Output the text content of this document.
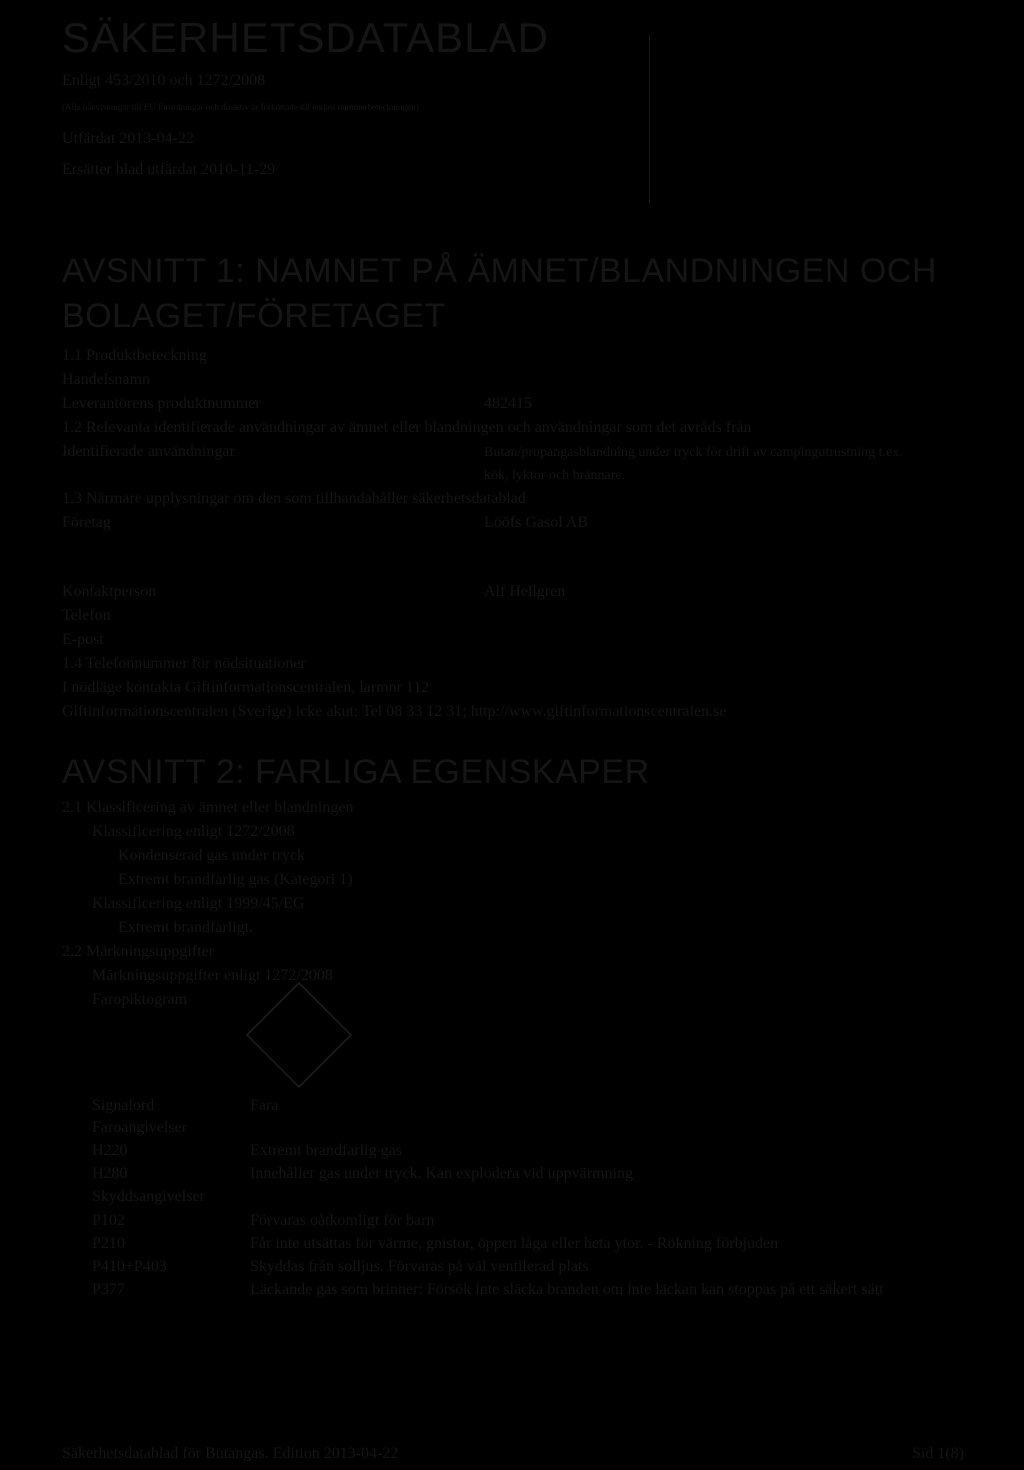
SÄKERHETSDATABLAD
Enligt 453/2010 och 1272/2008
(Alla hänvisningar till EU förordningar och direktiv är förkortade till endast nummerbeteckningen)
Utfärdat 2013-04-22
Ersätter blad utfärdat 2010-11-29
AVSNITT 1: NAMNET PÅ ÄMNET/BLANDNINGEN OCH
BOLAGET/FÖRETAGET
1.1 Produktbeteckning
Handelsnamn
Leverantörens produktnummer	482415
1.2 Relevanta identifierade användningar av ämnet eller blandningen och användningar som det avråds från
Identifierade användningar	Butan/propangasblandning under tryck för drift av campingutrustning t.ex.
kök, lyktor och brännare.
1.3 Närmare upplysningar om den som tillhandahåller säkerhetsdatablad
Företag	Lööfs Gasol AB
Kontaktperson	Alf Hellgren
Telefon
E-post
1.4 Telefonnummer för nödsituationer
I nödläge kontakta Giftinformationscentralen, larmnr 112
Giftinformationscentralen (Sverige) icke akut: Tel 08 33 12 31; http://www.giftinformationscentralen.se
AVSNITT 2: FARLIGA EGENSKAPER
2.1 Klassificering av ämnet eller blandningen
Klassificering enligt 1272/2008
Kondenserad gas under tryck
Extremt brandfarlig gas (Kategori 1)
Klassificering enligt 1999/45/EG
Extremt brandfarligt.
2.2 Märkningsuppgifter
Märkningsuppgifter enligt 1272/2008
Faropiktogram
Signalord	Fara
Faroangivelser
H220	Extremt brandfarlig gas
H280	Innehåller gas under tryck. Kan explodera vid uppvärmning
Skyddsangivelser
P102	Förvaras oåtkomligt för barn
P210	Får inte utsättas för värme, gnistor, öppen låga eller heta ytor. - Rökning förbjuden
P410+P403	Skyddas från solljus. Förvaras på väl ventilerad plats
P377	Läckande gas som brinner: Försök inte släcka branden om inte läckan kan stoppas på ett säkert sätt
Säkerhetsdatablad för Butangas. Edition 2013-04-22	Sid 1(8)
